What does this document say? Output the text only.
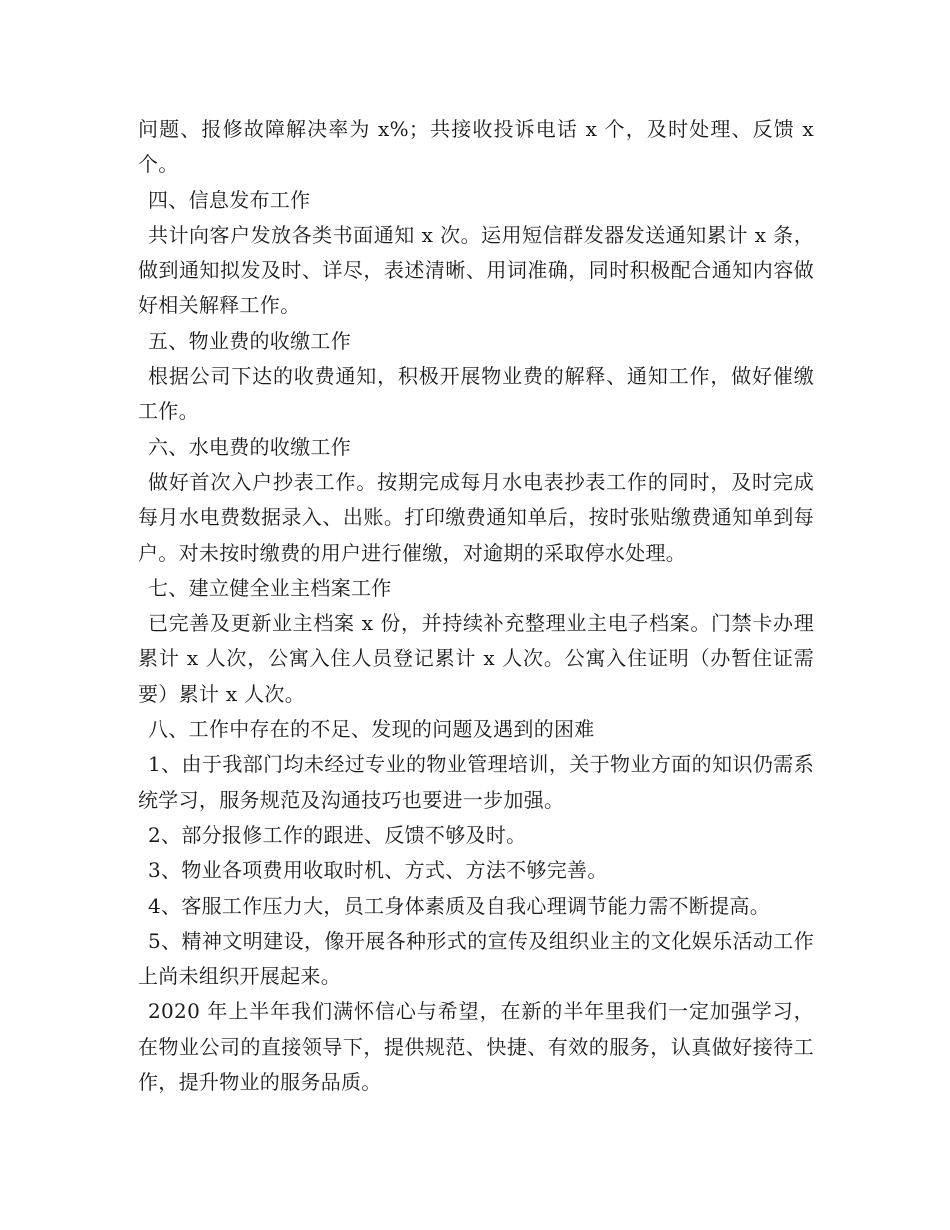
问题、报修故障解决率为 x%；共接收投诉电话 x 个，及时处理、反馈 x 个。

四、信息发布工作

共计向客户发放各类书面通知 x 次。运用短信群发器发送通知累计 x 条，做到通知拟发及时、详尽，表述清晰、用词准确，同时积极配合通知内容做好相关解释工作。

五、物业费的收缴工作

根据公司下达的收费通知，积极开展物业费的解释、通知工作，做好催缴工作。

六、水电费的收缴工作

做好首次入户抄表工作。按期完成每月水电表抄表工作的同时，及时完成每月水电费数据录入、出账。打印缴费通知单后，按时张贴缴费通知单到每户。对未按时缴费的用户进行催缴，对逾期的采取停水处理。

七、建立健全业主档案工作

已完善及更新业主档案 x 份，并持续补充整理业主电子档案。门禁卡办理累计 x 人次，公寓入住人员登记累计 x 人次。公寓入住证明（办暂住证需要）累计 x 人次。

八、工作中存在的不足、发现的问题及遇到的困难

1、由于我部门均未经过专业的物业管理培训，关于物业方面的知识仍需系统学习，服务规范及沟通技巧也要进一步加强。

2、部分报修工作的跟进、反馈不够及时。

3、物业各项费用收取时机、方式、方法不够完善。

4、客服工作压力大，员工身体素质及自我心理调节能力需不断提高。

5、精神文明建设，像开展各种形式的宣传及组织业主的文化娱乐活动工作上尚未组织开展起来。

2020 年上半年我们满怀信心与希望，在新的半年里我们一定加强学习，在物业公司的直接领导下，提供规范、快捷、有效的服务，认真做好接待工作，提升物业的服务品质。
